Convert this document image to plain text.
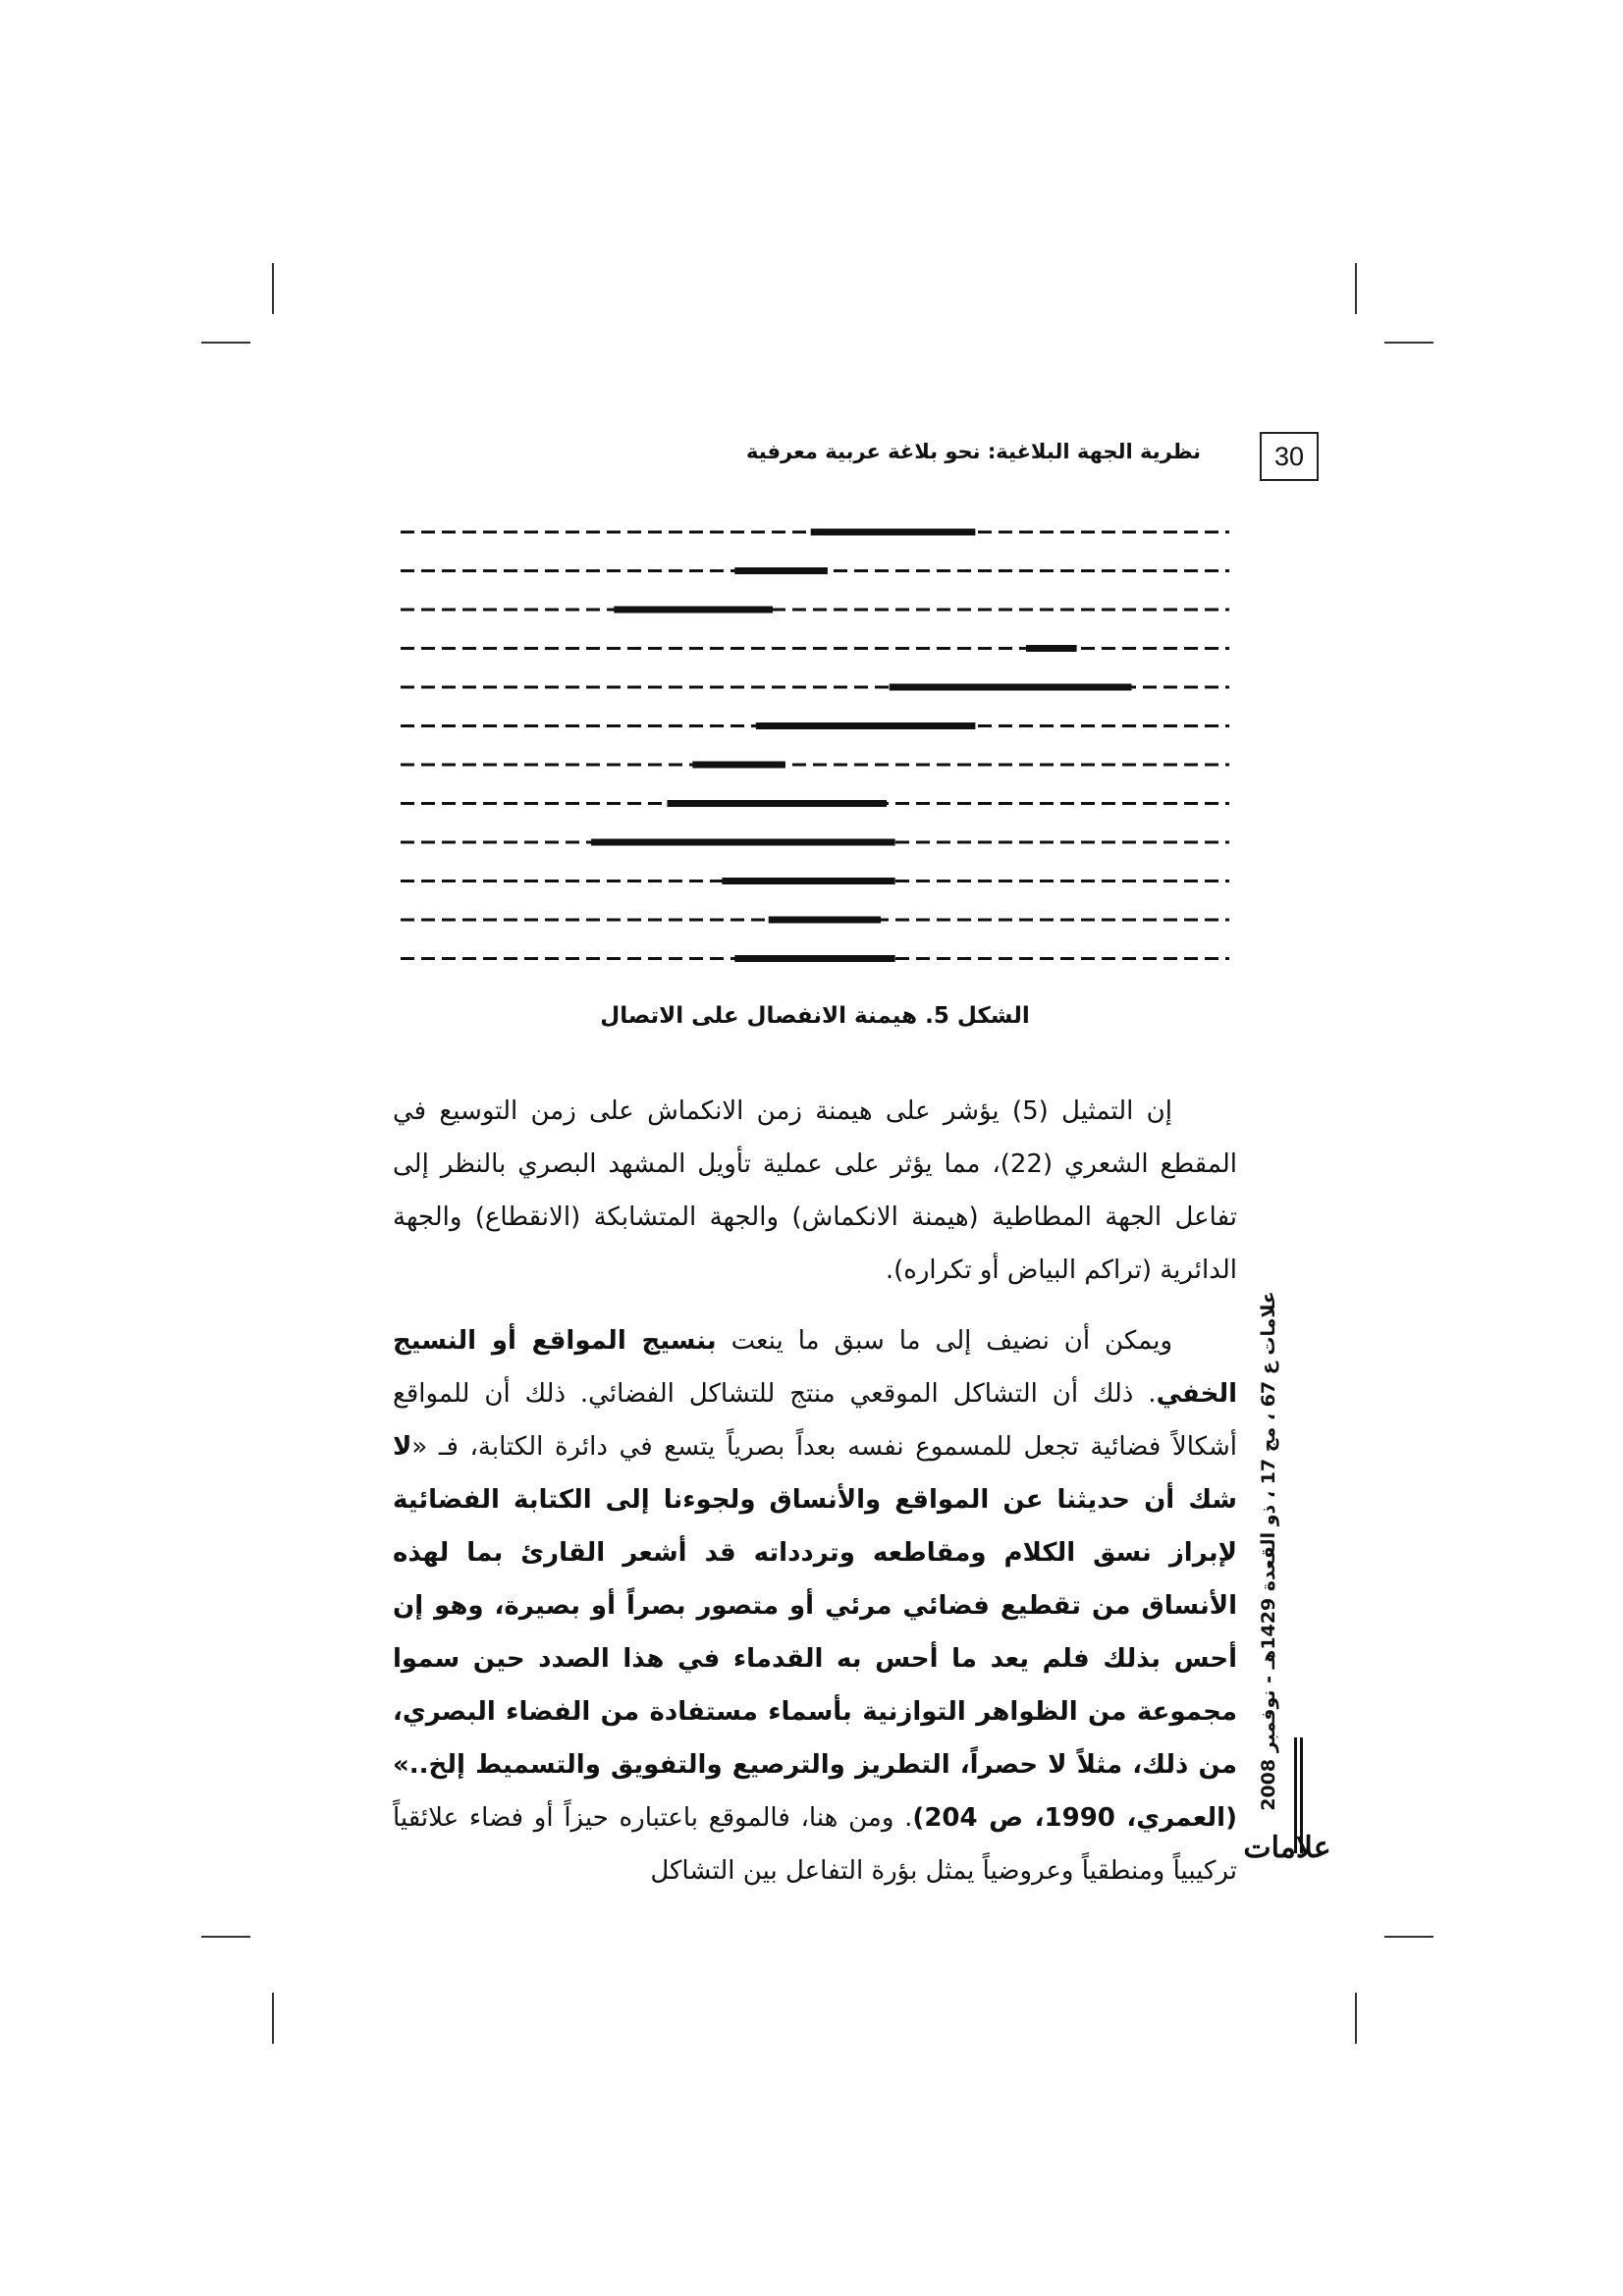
30
نظرية الجهة البلاغية: نحو بلاغة عربية معرفية
الشكل 5. هيمنة الانفصال على الاتصال

إن التمثيل (5) يؤشر على هيمنة زمن الانكماش على زمن التوسيع في المقطع الشعري (22)، مما يؤثر على عملية تأويل المشهد البصري بالنظر إلى تفاعل الجهة المطاطية (هيمنة الانكماش) والجهة المتشابكة (الانقطاع) والجهة الدائرية (تراكم البياض أو تكراره).

ويمكن أن نضيف إلى ما سبق ما ينعت بنسيج المواقع أو النسيج الخفي. ذلك أن التشاكل الموقعي منتج للتشاكل الفضائي. ذلك أن للمواقع أشكالاً فضائية تجعل للمسموع نفسه بعداً بصرياً يتسع في دائرة الكتابة، فـ «لا شك أن حديثنا عن المواقع والأنساق ولجوءنا إلى الكتابة الفضائية لإبراز نسق الكلام ومقاطعه وتردداته قد أشعر القارئ بما لهذه الأنساق من تقطيع فضائي مرئي أو متصور بصراً أو بصيرة، وهو إن أحس بذلك فلم يعد ما أحس به القدماء في هذا الصدد حين سموا مجموعة من الظواهر التوازنية بأسماء مستفادة من الفضاء البصري، من ذلك، مثلاً لا حصراً، التطريز والترصيع والتفويق والتسميط إلخ..» (العمري، 1990، ص 204). ومن هنا، فالموقع باعتباره حيزاً أو فضاء علائقياً تركيبياً ومنطقياً وعروضياً يمثل بؤرة التفاعل بين التشاكل

علامات ع 67 ، مج 17 ، ذو القعدة 1429هـ - نوفمبر 2008
علامات
